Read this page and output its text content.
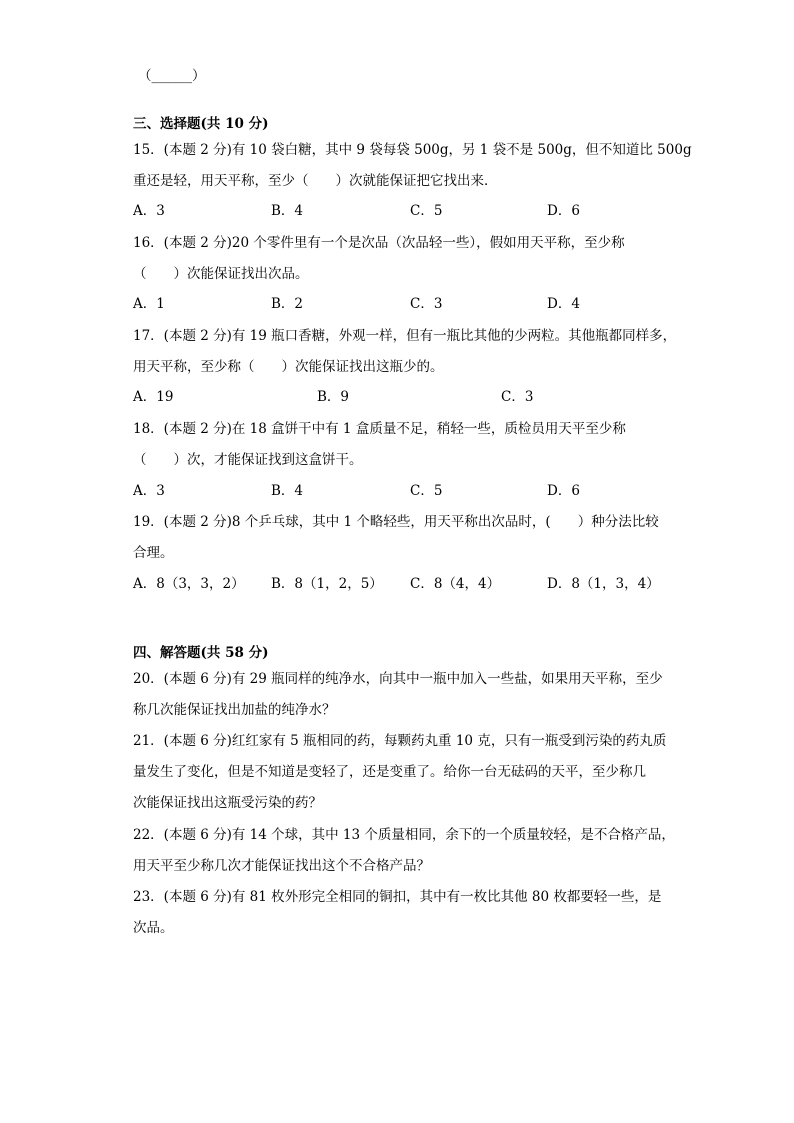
（______）
三、选择题(共 10 分)
15．(本题 2 分)有 10 袋白糖，其中 9 袋每袋 500g，另 1 袋不是 500g，但不知道比 500g
重还是轻，用天平称，至少（　　）次就能保证把它找出来．
A．3	B．4	C．5	D．6
16．(本题 2 分)20 个零件里有一个是次品（次品轻一些），假如用天平称，至少称
（　　）次能保证找出次品。
A．1	B．2	C．3	D．4
17．(本题 2 分)有 19 瓶口香糖，外观一样，但有一瓶比其他的少两粒。其他瓶都同样多，
用天平称，至少称（　　）次能保证找出这瓶少的。
A．19	B．9	C．3
18．(本题 2 分)在 18 盒饼干中有 1 盒质量不足，稍轻一些，质检员用天平至少称
（　　）次，才能保证找到这盒饼干。
A．3	B．4	C．5	D．6
19．(本题 2 分)8 个乒乓球，其中 1 个略轻些，用天平称出次品时，(　　）种分法比较
合理。
A．8（3，3，2） B．8（1，2，5） C．8（4，4）	D．8（1，3，4）
四、解答题(共 58 分)
20．(本题 6 分)有 29 瓶同样的纯净水，向其中一瓶中加入一些盐，如果用天平称，至少
称几次能保证找出加盐的纯净水？
21．(本题 6 分)红红家有 5 瓶相同的药，每颗药丸重 10 克，只有一瓶受到污染的药丸质
量发生了变化，但是不知道是变轻了，还是变重了。给你一台无砝码的天平，至少称几
次能保证找出这瓶受污染的药？
22．(本题 6 分)有 14 个球，其中 13 个质量相同，余下的一个质量较轻，是不合格产品，
用天平至少称几次才能保证找出这个不合格产品？
23．(本题 6 分)有 81 枚外形完全相同的铜扣，其中有一枚比其他 80 枚都要轻一些，是
次品。
